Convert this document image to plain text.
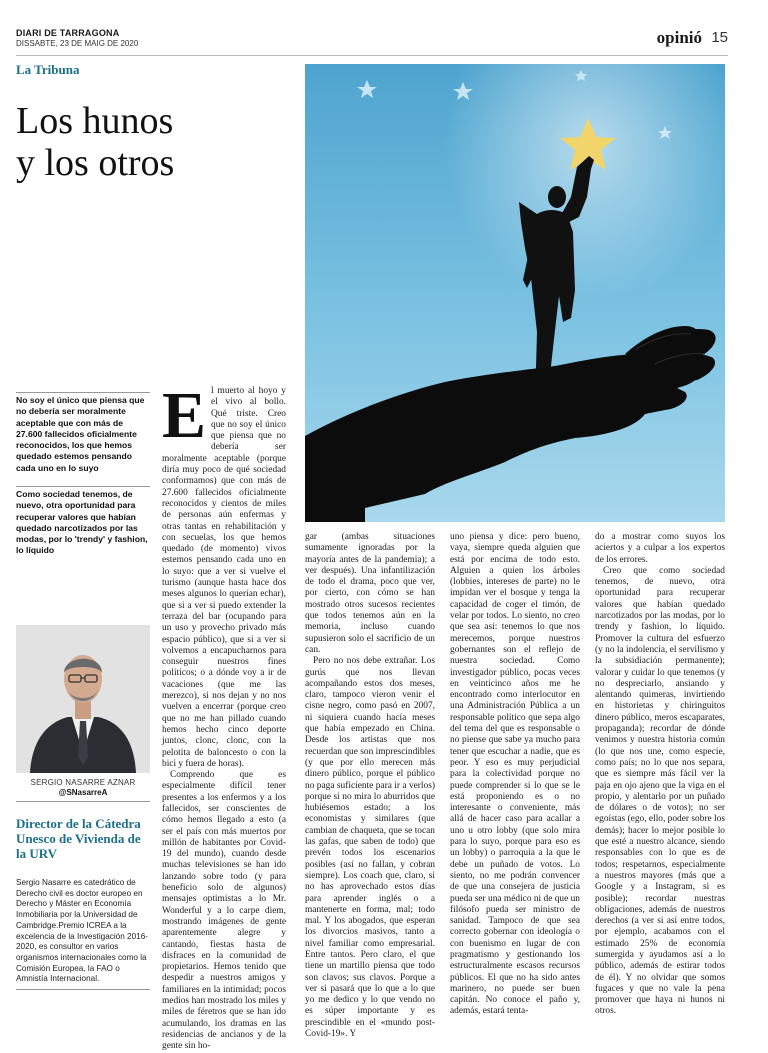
DIARI DE TARRAGONA
DISSABTE, 23 DE MAIG DE 2020	opinió 15
La Tribuna
Los hunos
y los otros
No soy el único que piensa que no debería ser moralmente aceptable que con más de 27.600 fallecidos oficialmente reconocidos, los que hemos quedado estemos pensando cada uno en lo suyo
Como sociedad tenemos, de nuevo, otra oportunidad para recuperar valores que habían quedado narcotizados por las modas, por lo 'trendy' y fashion, lo líquido
SERGIO NASARRE AZNAR
@SNasarreA
Director de la Cátedra Unesco de Vivienda de la URV
Sergio Nasarre es catedrático de Derecho civil es doctor europeo en Derecho y Máster en Economía Inmobiliaria por la Universidad de Cambridge.Premio ICREA a la excelencia de la Investigación 2016-2020, es consultor en varios organismos internacionales como la Comisión Europea, la FAO o Amnistía Internacional.
E l muerto al hoyo y el vivo al bollo. Qué triste. Creo que no soy el único que piensa que no debería ser moralmente aceptable (porque diría muy poco de qué sociedad conformamos) que con más de 27.600 fallecidos oficialmente reconocidos y cientos de miles de personas aún enfermas y otras tantas en rehabilitación y con secuelas, los que hemos quedado (de momento) vivos estemos pensando cada uno en lo suyo: que a ver si vuelve el turismo (aunque hasta hace dos meses algunos lo querían echar), que si a ver si puedo extender la terraza del bar (ocupando para un uso y provecho privado más espacio público), que si a ver si volvemos a encapucharnos para conseguir nuestros fines políticos; o a dónde voy a ir de vacaciones (que me las merezco), si nos dejan y no nos vuelven a encerrar (porque creo que no me han pillado cuando hemos hecho cinco deporte juntos, clonc, clonc, con la pelotita de baloncesto o con la bici y fuera de horas).

Comprendo que es especialmente difícil tener presentes a los enfermos y a los fallecidos, ser conscientes de cómo hemos llegado a esto (a ser el país con más muertos por millón de habitantes por Covid-19 del mundo), cuando desde muchas televisiones se han ido lanzando sobre todo (y para beneficio solo de algunos) mensajes optimistas a lo Mr. Wonderful y a lo carpe diem, mostrando imágenes de gente aparentemente alegre y cantando, fiestas hasta de disfraces en la comunidad de propietarios. Hemos tenido que despedir a nuestros amigos y familiares en la intimidad; pocos medios han mostrado los miles y miles de féretros que se han ido acumulando, los dramas en las residencias de ancianos y de la gente sin ho-

gar (ambas situaciones sumamente ignoradas por la mayoría antes de la pandemia); a ver después). Una infantilización de todo el drama, poco que ver, por cierto, con cómo se han mostrado otros sucesos recientes que todos tenemos aún en la memoria, incluso cuando supusieron solo el sacrificio de un can.

Pero no nos debe extrañar. Los gurús que nos llevan acompañando estos dos meses, claro, tampoco vieron venir el cisne negro, como pasó en 2007, ni siquiera cuando hacía meses que había empezado en China. Desde los artistas que nos recuerdan que son imprescindibles (y que por ello merecen más dinero público, porque el público no paga suficiente para ir a verlos) porque si no mira lo aburridos que hubiésemos estado; a los economistas y similares (que cambian de chaqueta, que se tocan las gafas, que saben de todo) que prevén todos los escenarios posibles (así no fallan, y cobran siempre). Los coach que, claro, si no has aprovechado estos días para aprender inglés o a mantenerte en forma, mal; todo mal. Y los abogados, que esperan los divorcios masivos, tanto a nivel familiar como empresarial. Entre tantos. Pero claro, el que tiene un martillo piensa que todo son clavos; sus clavos. Porque a ver si pasará que lo que a lo que yo me dedico y lo que vendo no es súper importante y es prescindible en el «mundo post-Covid-19». Y

uno piensa y dice: pero bueno, vaya, siempre queda alguien que está por encima de todo esto. Alguien a quien los árboles (lobbies, intereses de parte) no le impidan ver el bosque y tenga la capacidad de coger el timón, de velar por todos. Lo siento, no creo que sea así: tenemos lo que nos merecemos, porque nuestros gobernantes son el reflejo de nuestra sociedad. Como investigador público, pocas veces en veinticinco años me he encontrado como interlocutor en una Administración Pública a un responsable político que sepa algo del tema del que es responsable o no piense que sabe ya mucho para tener que escuchar a nadie, que es peor. Y eso es muy perjudicial para la colectividad porque no puede comprender si lo que se le está proponiendo es o no interesante o conveniente, más allá de hacer caso para acallar a uno u otro lobby (que solo mira para lo suyo, porque para eso es un lobby) o parroquia a la que le debe un puñado de votos. Lo siento, no me podrán convencer de que una consejera de justicia pueda ser una médico ni de que un filósofo pueda ser ministro de sanidad. Tampoco de que sea correcto gobernar con ideología o con buenismo en lugar de con pragmatismo y gestionando los estructuralmente escasos recursos públicos. El que no ha sido antes marinero, no puede ser buen capitán. No conoce el paño y, además, estará tenta-

do a mostrar como suyos los aciertos y a culpar a los expertos de los errores.

Creo que como sociedad tenemos, de nuevo, otra oportunidad para recuperar valores que habían quedado narcotizados por las modas, por lo trendy y fashion, lo líquido. Promover la cultura del esfuerzo (y no la indolencia, el servilismo y la subsidiación permanente); valorar y cuidar lo que tenemos (y no despreciarlo, ansiando y alentando quimeras, invirtiendo en historietas y chiringuitos dinero público, meros escaparates, propaganda); recordar de dónde venimos y nuestra historia común (lo que nos une, como especie, como país; no lo que nos separa, que es siempre más fácil ver la paja en ojo ajeno que la viga en el propio, y alentarlo por un puñado de dólares o de votos); no ser egoístas (ego, ello, poder sobre los demás); hacer lo mejor posible lo que esté a nuestro alcance, siendo responsables con lo que es de todos; respetarnos, especialmente a nuestros mayores (más que a Google y a Instagram, si es posible); recordar nuestras obligaciones, además de nuestros derechos (a ver si así entre todos, por ejemplo, acabamos con el estimado 25% de economía sumergida y ayudamos así a lo público, además de estirar todos de él). Y no olvidar que somos fugaces y que no vale la pena promover que haya ni hunos ni otros.
